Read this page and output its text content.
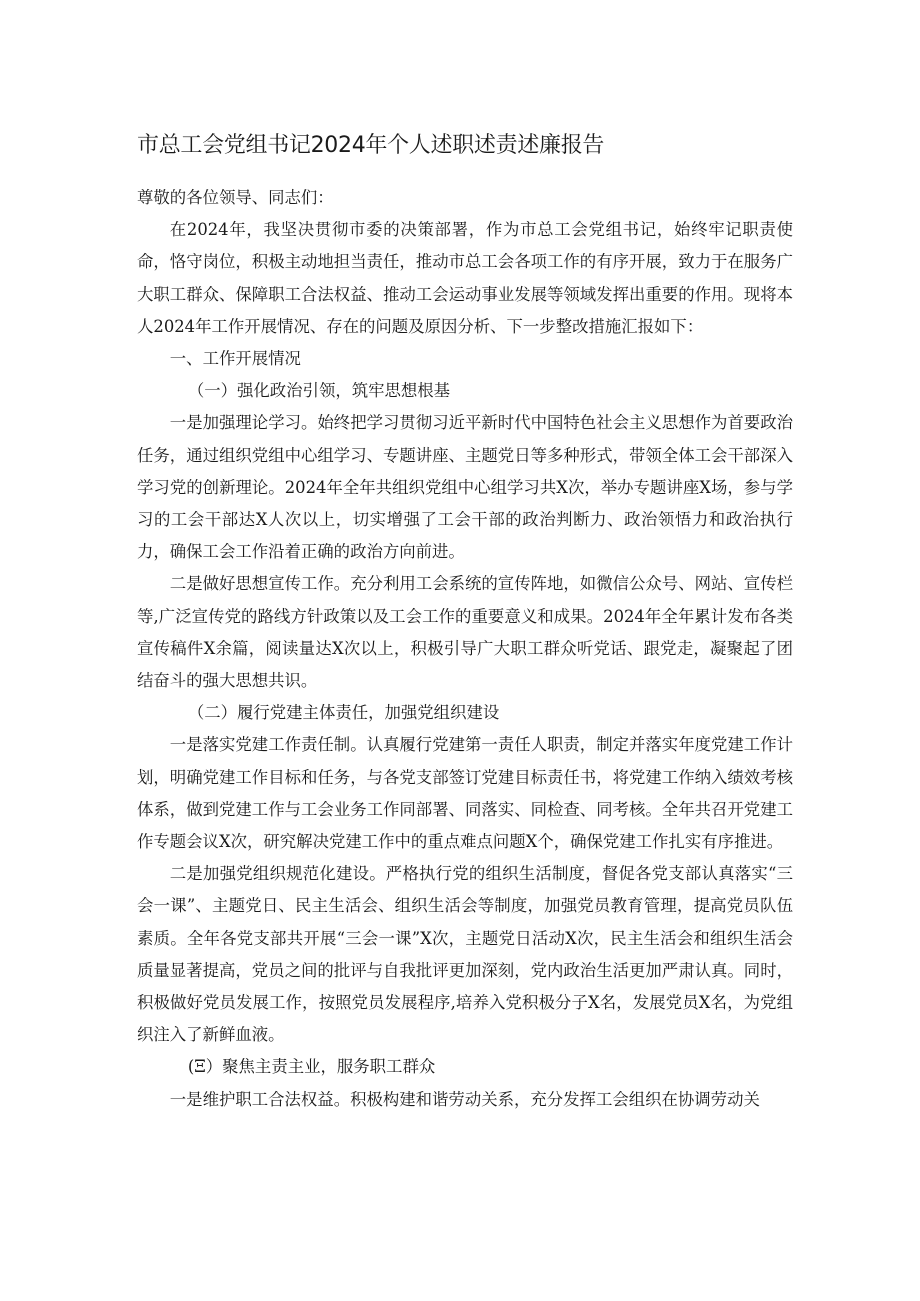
市总工会党组书记2024年个人述职述责述廉报告

尊敬的各位领导、同志们：

在2024年，我坚决贯彻市委的决策部署，作为市总工会党组书记，始终牢记职责使命，恪守岗位，积极主动地担当责任，推动市总工会各项工作的有序开展，致力于在服务广大职工群众、保障职工合法权益、推动工会运动事业发展等领域发挥出重要的作用。现将本人2024年工作开展情况、存在的问题及原因分析、下一步整改措施汇报如下：

一、工作开展情况

（一）强化政治引领，筑牢思想根基

一是加强理论学习。始终把学习贯彻习近平新时代中国特色社会主义思想作为首要政治任务，通过组织党组中心组学习、专题讲座、主题党日等多种形式，带领全体工会干部深入学习党的创新理论。2024年全年共组织党组中心组学习共X次，举办专题讲座X场，参与学习的工会干部达X人次以上，切实增强了工会干部的政治判断力、政治领悟力和政治执行力，确保工会工作沿着正确的政治方向前进。

二是做好思想宣传工作。充分利用工会系统的宣传阵地，如微信公众号、网站、宣传栏等,广泛宣传党的路线方针政策以及工会工作的重要意义和成果。2024年全年累计发布各类宣传稿件X余篇，阅读量达X次以上，积极引导广大职工群众听党话、跟党走，凝聚起了团结奋斗的强大思想共识。

（二）履行党建主体责任，加强党组织建设

一是落实党建工作责任制。认真履行党建第一责任人职责，制定并落实年度党建工作计划，明确党建工作目标和任务，与各党支部签订党建目标责任书，将党建工作纳入绩效考核体系，做到党建工作与工会业务工作同部署、同落实、同检查、同考核。全年共召开党建工作专题会议X次，研究解决党建工作中的重点难点问题X个，确保党建工作扎实有序推进。

二是加强党组织规范化建设。严格执行党的组织生活制度，督促各党支部认真落实“三会一课”、主题党日、民主生活会、组织生活会等制度，加强党员教育管理，提高党员队伍素质。全年各党支部共开展“三会一课”X次，主题党日活动X次，民主生活会和组织生活会质量显著提高，党员之间的批评与自我批评更加深刻，党内政治生活更加严肃认真。同时，积极做好党员发展工作，按照党员发展程序,培养入党积极分子X名，发展党员X名，为党组织注入了新鲜血液。

(Ξ）聚焦主责主业，服务职工群众

一是维护职工合法权益。积极构建和谐劳动关系，充分发挥工会组织在协调劳动关
